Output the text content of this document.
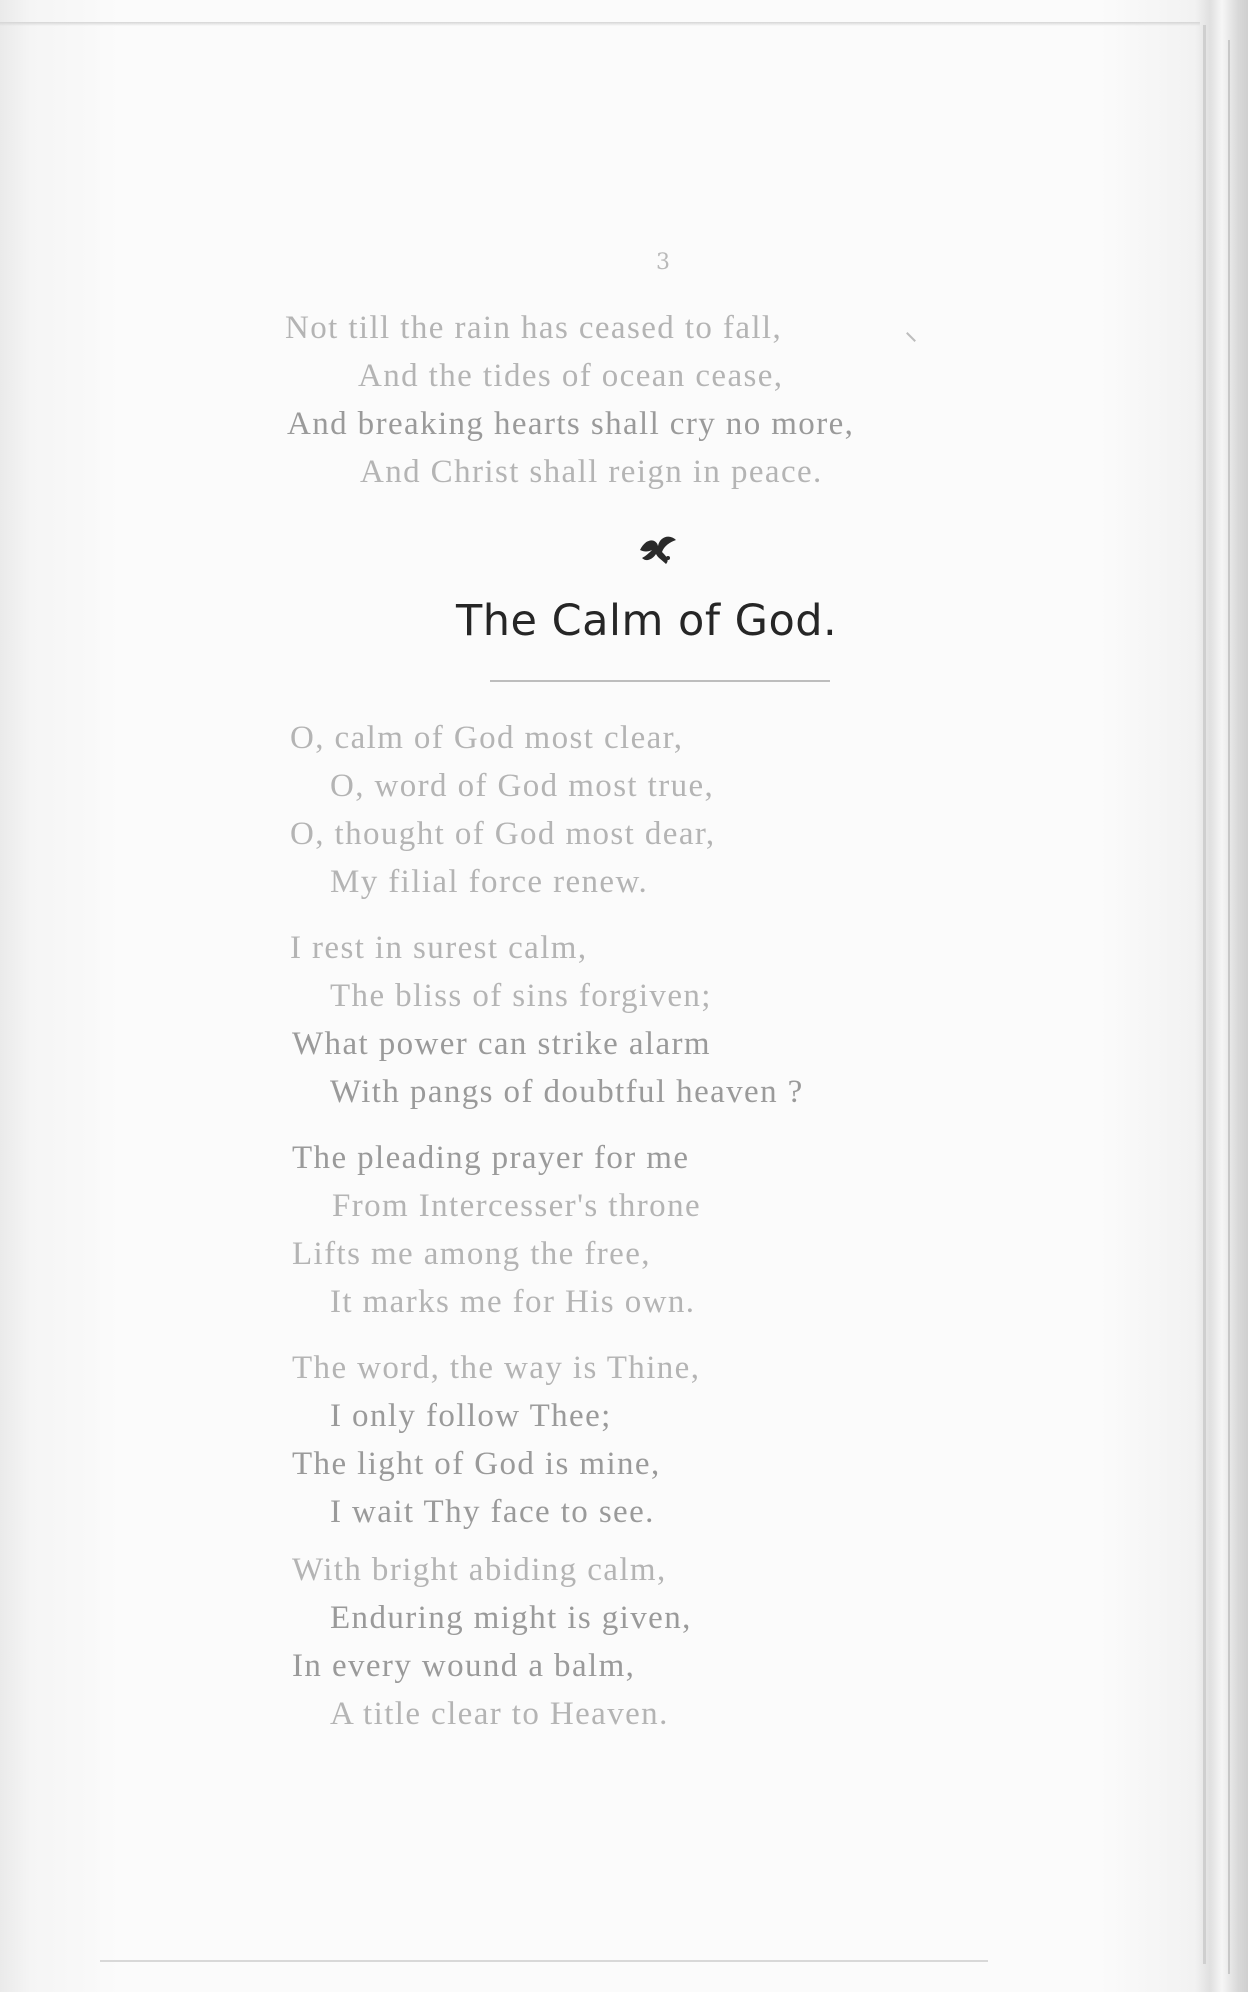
3
Not till the rain has ceased to fall,
And the tides of ocean cease,
And breaking hearts shall cry no more,
And Christ shall reign in peace.
The Calm of God.
O, calm of God most clear,
O, word of God most true,
O, thought of God most dear,
My filial force renew.
I rest in surest calm,
The bliss of sins forgiven;
What power can strike alarm
With pangs of doubtful heaven ?
The pleading prayer for me
From Intercesser's throne
Lifts me among the free,
It marks me for His own.
The word, the way is Thine,
I only follow Thee;
The light of God is mine,
I wait Thy face to see.
With bright abiding calm,
Enduring might is given,
In every wound a balm,
A title clear to Heaven.
